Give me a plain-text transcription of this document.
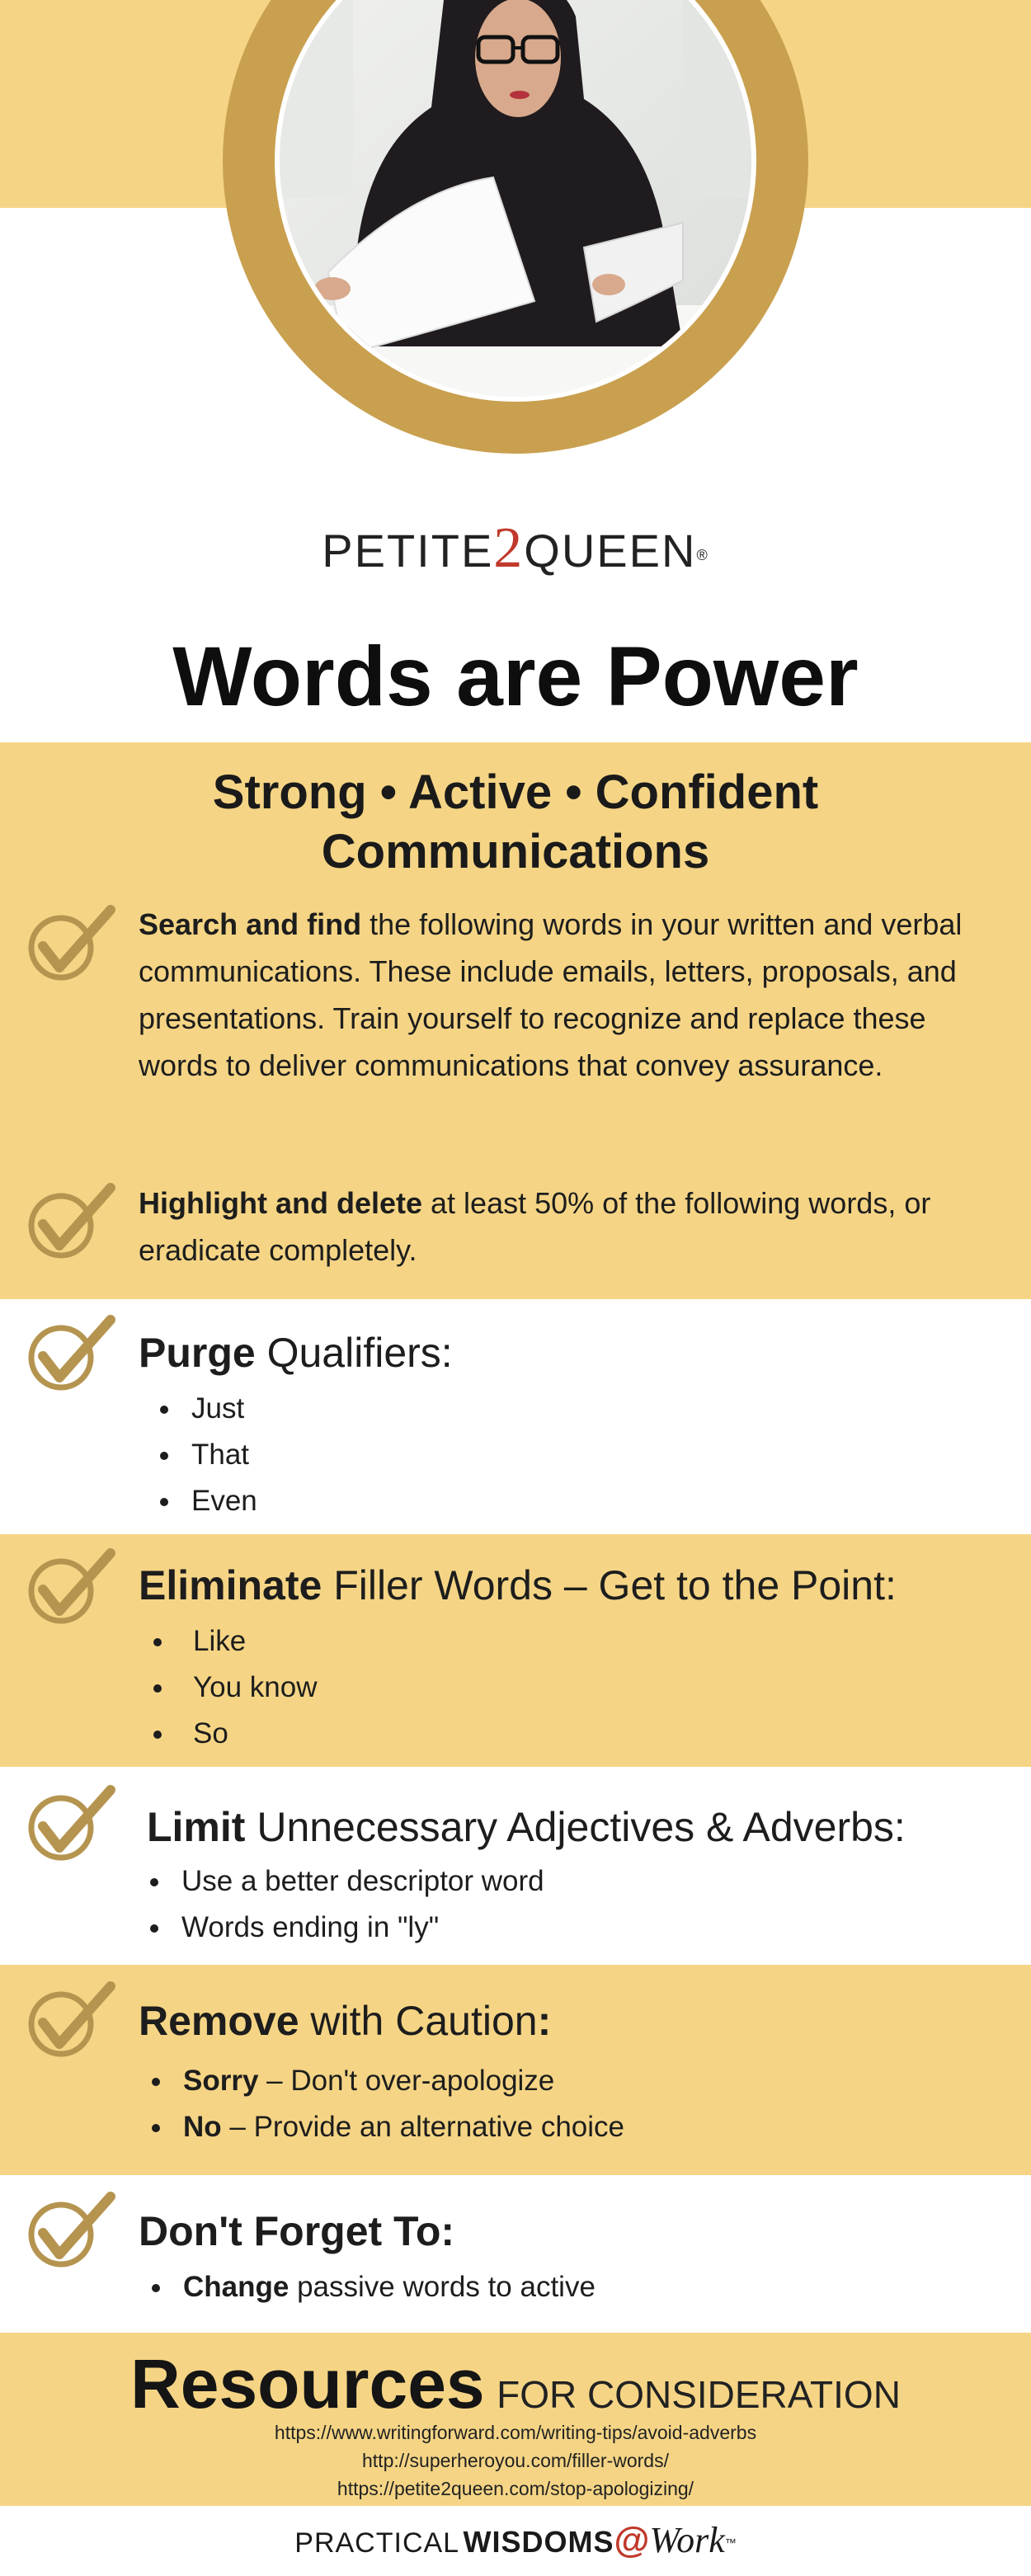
PETITE2QUEEN®
Words are Power
Strong • Active • Confident
Communications
Search and find the following words in your written and verbal communications. These include emails, letters, proposals, and presentations. Train yourself to recognize and replace these words to deliver communications that convey assurance.
Highlight and delete at least 50% of the following words, or eradicate completely.
Purge Qualifiers:
Just
That
Even
Eliminate Filler Words – Get to the Point:
Like
You know
So
Limit Unnecessary Adjectives & Adverbs:
Use a better descriptor word
Words ending in "ly"
Remove with Caution:
Sorry – Don't over-apologize
No – Provide an alternative choice
Don't Forget To:
Change passive words to active
Resources FOR CONSIDERATION
https://www.writingforward.com/writing-tips/avoid-adverbs
http://superheroyou.com/filler-words/
https://petite2queen.com/stop-apologizing/
PRACTICAL WISDOMS@Work™
